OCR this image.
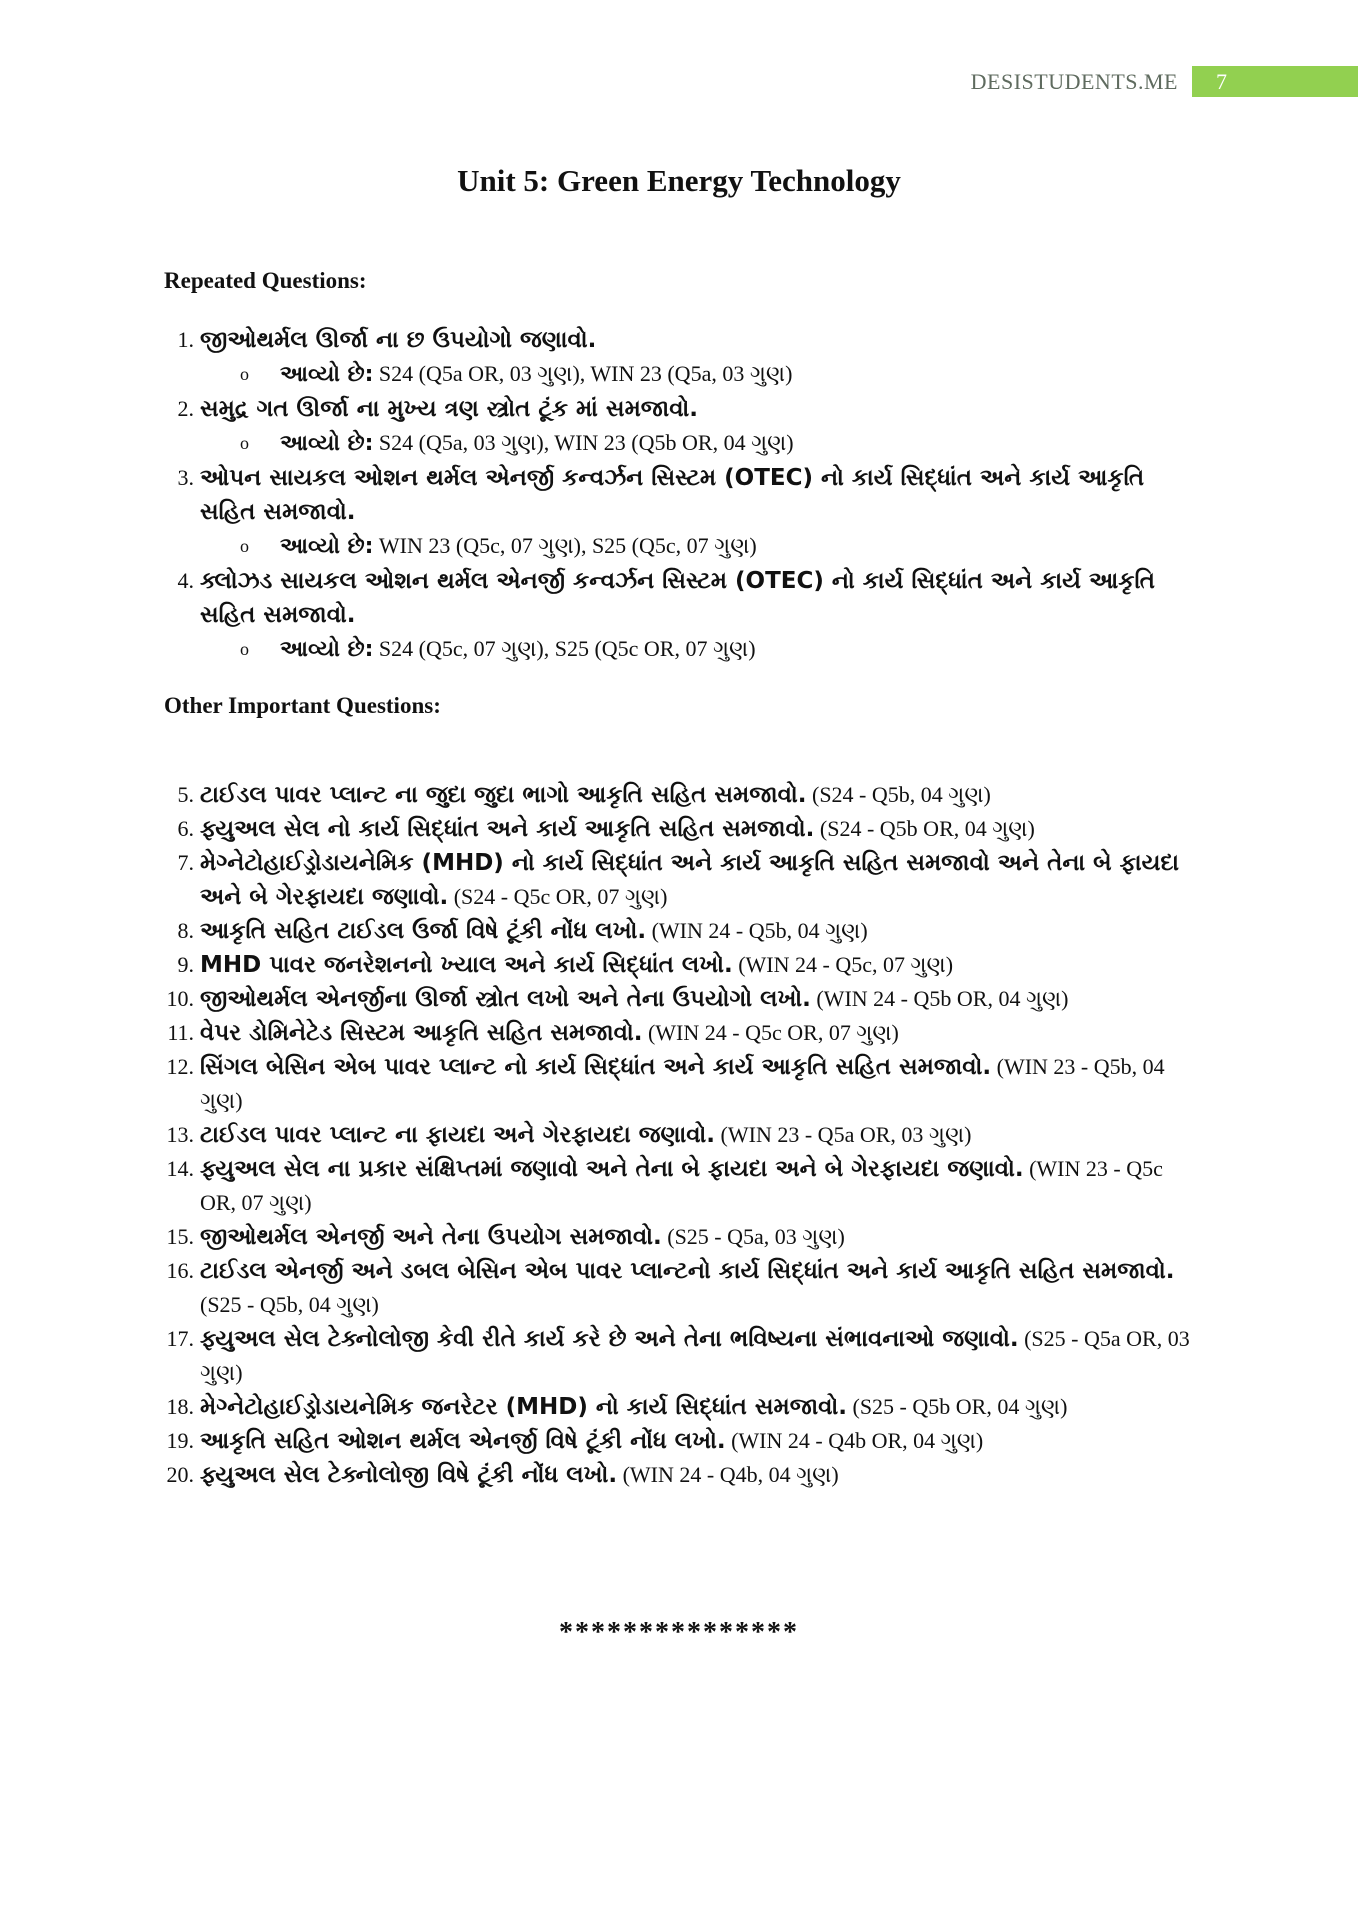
DESISTUDENTS.ME	7
Unit 5: Green Energy Technology
Repeated Questions:
1. જીઓથર્મલ ઊર્જા ના છ ઉપયોગો જણાવો.
o આવ્યો છે: S24 (Q5a OR, 03 ગુણ), WIN 23 (Q5a, 03 ગુણ)
2. સમુદ્ર ગત ઊર્જા ના મુખ્ય ત્રણ સ્ત્રોત ટૂંક માં સમજાવો.
o આવ્યો છે: S24 (Q5a, 03 ગુણ), WIN 23 (Q5b OR, 04 ગુણ)
3. ઓપન સાયકલ ઓશન થર્મલ એનર્જી કન્વર્ઝન સિસ્ટમ (OTEC) નો કાર્ય સિદ્ધાંત અને કાર્ય આકૃતિ સહિત સમજાવો.
o આવ્યો છે: WIN 23 (Q5c, 07 ગુણ), S25 (Q5c, 07 ગુણ)
4. ક્લોઝડ સાયકલ ઓશન થર્મલ એનર્જી કન્વર્ઝન સિસ્ટમ (OTEC) નો કાર્ય સિદ્ધાંત અને કાર્ય આકૃતિ સહિત સમજાવો.
o આવ્યો છે: S24 (Q5c, 07 ગુણ), S25 (Q5c OR, 07 ગુણ)
Other Important Questions:
5. ટાઈડલ પાવર પ્લાન્ટ ના જુદા જુદા ભાગો આકૃતિ સહિત સમજાવો. (S24 - Q5b, 04 ગુણ)
6. ફ્યુઅલ સેલ નો કાર્ય સિદ્ધાંત અને કાર્ય આકૃતિ સહિત સમજાવો. (S24 - Q5b OR, 04 ગુણ)
7. મેગ્નેટોહાઈડ્રોડાયનેમિક (MHD) નો કાર્ય સિદ્ધાંત અને કાર્ય આકૃતિ સહિત સમજાવો અને તેના બે ફાયદા અને બે ગેરફાયદા જણાવો. (S24 - Q5c OR, 07 ગુણ)
8. આકૃતિ સહિત ટાઈડલ ઉર્જા વિષે ટૂંકી નોંધ લખો. (WIN 24 - Q5b, 04 ગુણ)
9. MHD પાવર જનરેશનનો ખ્યાલ અને કાર્ય સિદ્ધાંત લખો. (WIN 24 - Q5c, 07 ગુણ)
10. જીઓથર્મલ એનર્જીના ઊર્જા સ્ત્રોત લખો અને તેના ઉપયોગો લખો. (WIN 24 - Q5b OR, 04 ગુણ)
11. વેપર ડોમિનેટેડ સિસ્ટમ આકૃતિ સહિત સમજાવો. (WIN 24 - Q5c OR, 07 ગુણ)
12. સિંગલ બેસિન એબ પાવર પ્લાન્ટ નો કાર્ય સિદ્ધાંત અને કાર્ય આકૃતિ સહિત સમજાવો. (WIN 23 - Q5b, 04 ગુણ)
13. ટાઈડલ પાવર પ્લાન્ટ ના ફાયદા અને ગેરફાયદા જણાવો. (WIN 23 - Q5a OR, 03 ગુણ)
14. ફ્યુઅલ સેલ ના પ્રકાર સંક્ષિપ્તમાં જણાવો અને તેના બે ફાયદા અને બે ગેરફાયદા જણાવો. (WIN 23 - Q5c OR, 07 ગુણ)
15. જીઓથર્મલ એનર્જી અને તેના ઉપયોગ સમજાવો. (S25 - Q5a, 03 ગુણ)
16. ટાઈડલ એનર્જી અને ડબલ બેસિન એબ પાવર પ્લાન્ટનો કાર્ય સિદ્ધાંત અને કાર્ય આકૃતિ સહિત સમજાવો. (S25 - Q5b, 04 ગુણ)
17. ફ્યુઅલ સેલ ટેક્નોલોજી કેવી રીતે કાર્ય કરે છે અને તેના ભવિષ્યના સંભાવનાઓ જણાવો. (S25 - Q5a OR, 03 ગુણ)
18. મેગ્નેટોહાઈડ્રોડાયનેમિક જનરેટર (MHD) નો કાર્ય સિદ્ધાંત સમજાવો. (S25 - Q5b OR, 04 ગુણ)
19. આકૃતિ સહિત ઓશન થર્મલ એનર્જી વિષે ટૂંકી નોંધ લખો. (WIN 24 - Q4b OR, 04 ગુણ)
20. ફ્યુઅલ સેલ ટેક્નોલોજી વિષે ટૂંકી નોંધ લખો. (WIN 24 - Q4b, 04 ગુણ)
***************
